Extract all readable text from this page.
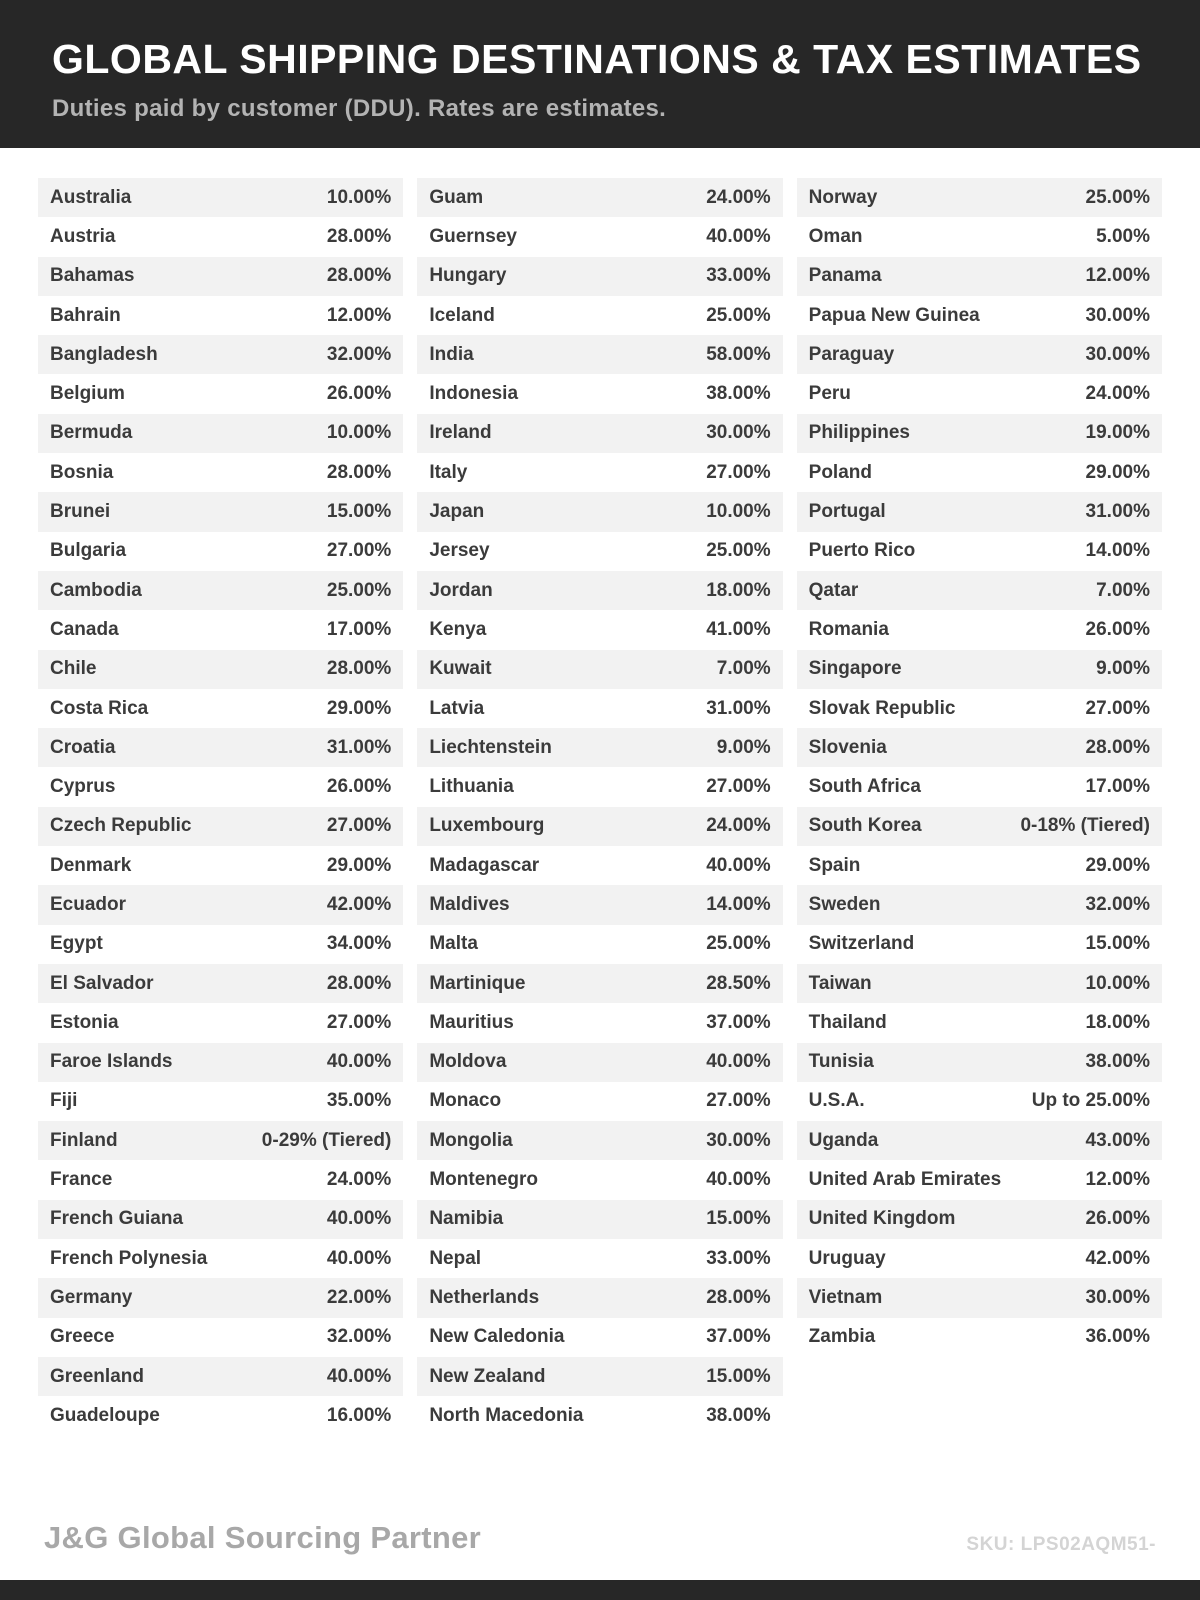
GLOBAL SHIPPING DESTINATIONS & TAX ESTIMATES
Duties paid by customer (DDU). Rates are estimates.
Australia	10.00%
Austria	28.00%
Bahamas	28.00%
Bahrain	12.00%
Bangladesh	32.00%
Belgium	26.00%
Bermuda	10.00%
Bosnia	28.00%
Brunei	15.00%
Bulgaria	27.00%
Cambodia	25.00%
Canada	17.00%
Chile	28.00%
Costa Rica	29.00%
Croatia	31.00%
Cyprus	26.00%
Czech Republic	27.00%
Denmark	29.00%
Ecuador	42.00%
Egypt	34.00%
El Salvador	28.00%
Estonia	27.00%
Faroe Islands	40.00%
Fiji	35.00%
Finland	0-29% (Tiered)
France	24.00%
French Guiana	40.00%
French Polynesia	40.00%
Germany	22.00%
Greece	32.00%
Greenland	40.00%
Guadeloupe	16.00%
Guam	24.00%
Guernsey	40.00%
Hungary	33.00%
Iceland	25.00%
India	58.00%
Indonesia	38.00%
Ireland	30.00%
Italy	27.00%
Japan	10.00%
Jersey	25.00%
Jordan	18.00%
Kenya	41.00%
Kuwait	7.00%
Latvia	31.00%
Liechtenstein	9.00%
Lithuania	27.00%
Luxembourg	24.00%
Madagascar	40.00%
Maldives	14.00%
Malta	25.00%
Martinique	28.50%
Mauritius	37.00%
Moldova	40.00%
Monaco	27.00%
Mongolia	30.00%
Montenegro	40.00%
Namibia	15.00%
Nepal	33.00%
Netherlands	28.00%
New Caledonia	37.00%
New Zealand	15.00%
North Macedonia	38.00%
Norway	25.00%
Oman	5.00%
Panama	12.00%
Papua New Guinea	30.00%
Paraguay	30.00%
Peru	24.00%
Philippines	19.00%
Poland	29.00%
Portugal	31.00%
Puerto Rico	14.00%
Qatar	7.00%
Romania	26.00%
Singapore	9.00%
Slovak Republic	27.00%
Slovenia	28.00%
South Africa	17.00%
South Korea	0-18% (Tiered)
Spain	29.00%
Sweden	32.00%
Switzerland	15.00%
Taiwan	10.00%
Thailand	18.00%
Tunisia	38.00%
U.S.A.	Up to 25.00%
Uganda	43.00%
United Arab Emirates	12.00%
United Kingdom	26.00%
Uruguay	42.00%
Vietnam	30.00%
Zambia	36.00%
J&G Global Sourcing Partner	SKU: LPS02AQM51-
